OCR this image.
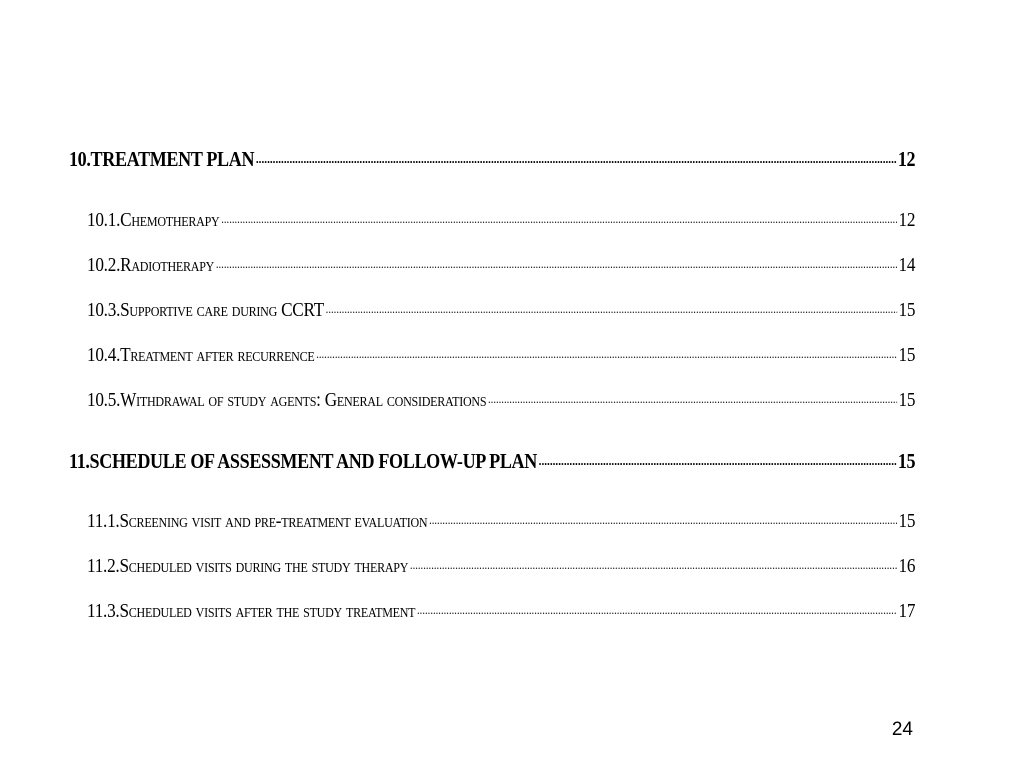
10. TREATMENT PLAN .....	12
10.1. Chemotherapy .....	12
10.2. Radiotherapy .....	14
10.3. Supportive care during CCRT .....	15
10.4. Treatment after recurrence .....	15
10.5. Withdrawal of study agents: General considerations .....	15
11. SCHEDULE OF ASSESSMENT AND FOLLOW-UP PLAN .....	15
11.1. Screening visit and pre-treatment evaluation .....	15
11.2. Scheduled visits during the study therapy .....	16
11.3. Scheduled visits after the study treatment .....	17
24
